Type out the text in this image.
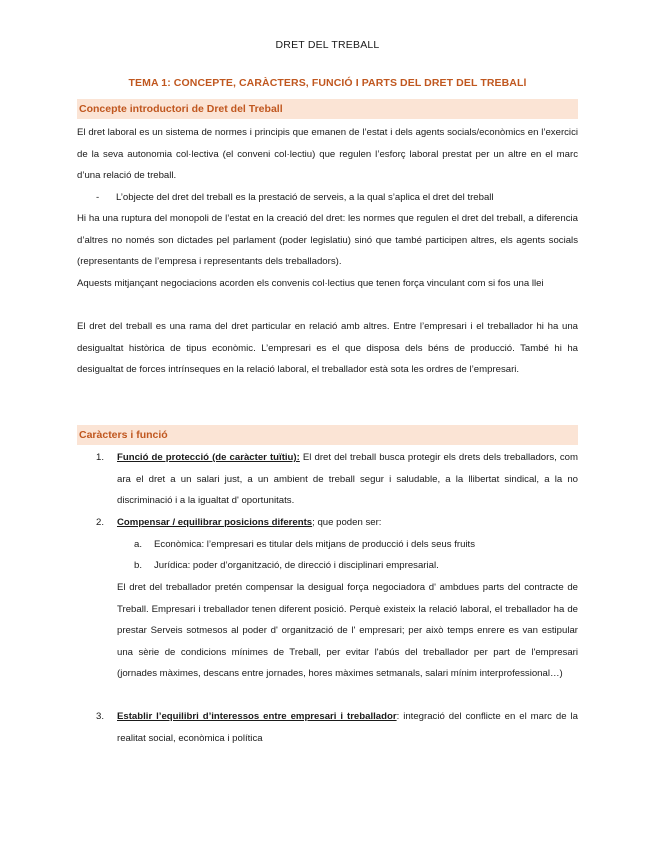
DRET DEL TREBALL
TEMA 1: CONCEPTE, CARÀCTERS, FUNCIÓ I PARTS DEL DRET DEL TREBALl
Concepte introductori de Dret del Treball

El dret laboral es un sistema de normes i principis que emanen de l’estat i dels agents socials/econòmics en l’exercici de la seva autonomia col·lectiva (el conveni col·lectiu) que regulen l’esforç laboral prestat per un altre en el marc d’una relació de treball.

- L’objecte del dret del treball es la prestació de serveis, a la qual s’aplica el dret del treball

Hi ha una ruptura del monopoli de l’estat en la creació del dret: les normes que regulen el dret del treball, a diferencia d’altres no només son dictades pel parlament (poder legislatiu) sinó que també participen altres, els agents socials (representants de l’empresa i representants dels treballadors).

Aquests mitjançant negociacions acorden els convenis col·lectius que tenen força vinculant com si fos una llei

El dret del treball es una rama del dret particular en relació amb altres. Entre l’empresari i el treballador hi ha una desigualtat històrica de tipus econòmic. L’empresari es el que disposa dels béns de producció. També hi ha desigualtat de forces intrínseques en la relació laboral, el treballador està sota les ordres de l’empresari.

Caràcters i funció
1. Funció de protecció (de caràcter tuïtiu): El dret del treball busca protegir els drets dels treballadors, com ara el dret a un salari just, a un ambient de treball segur i saludable, a la llibertat sindical, a la no discriminació i a la igualtat d' oportunitats.
2. Compensar / equilibrar posicions diferents; que poden ser:
a. Econòmica: l’empresari es titular dels mitjans de producció i dels seus fruits
b. Jurídica: poder d’organització, de direcció i disciplinari empresarial.

El dret del treballador pretén compensar la desigual força negociadora d' ambdues parts del contracte de Treball. Empresari i treballador tenen diferent posició. Perquè existeix la relació laboral, el treballador ha de prestar Serveis sotmesos al poder d' organització de l' empresari; per això temps enrere es van estipular una sèrie de condicions mínimes de Treball, per evitar l'abús del treballador per part de l'empresari (jornades màximes, descans entre jornades, hores màximes setmanals, salari mínim interprofessional…)

3. Establir l’equilibri d’interessos entre empresari i treballador: integració del conflicte en el marc de la realitat social, econòmica i política
